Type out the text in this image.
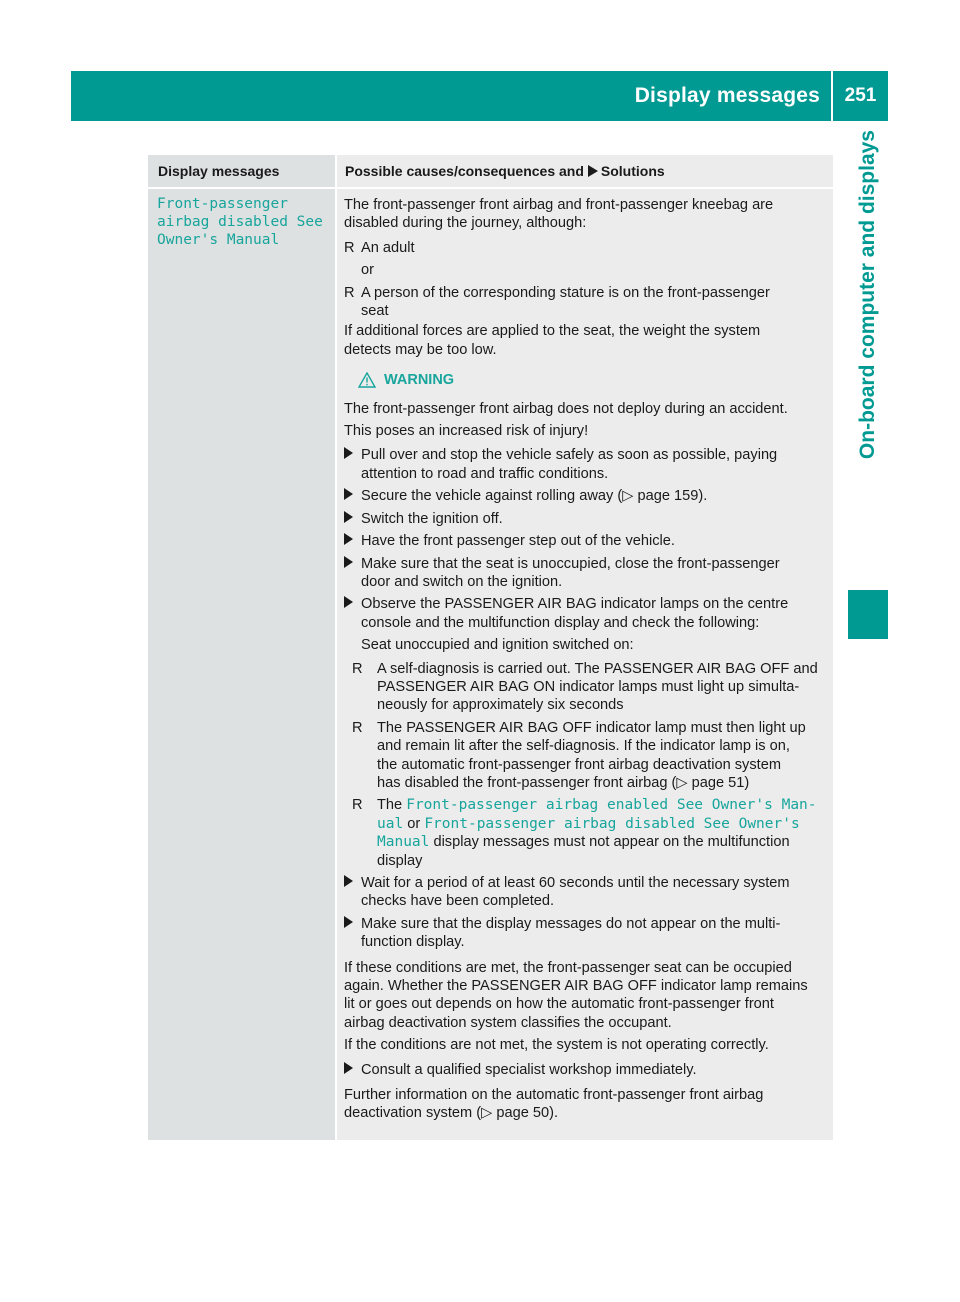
Display messages	251
On-board computer and displays
Display messages	Possible causes/consequences and Solutions
Front-passenger
airbag disabled See
Owner's Manual

The front-passenger front airbag and front-passenger kneebag are
disabled during the journey, although:

R An adult

or

R A person of the corresponding stature is on the front-passenger
seat

If additional forces are applied to the seat, the weight the system
detects may be too low.

WARNING

The front-passenger front airbag does not deploy during an accident.

This poses an increased risk of injury!

Pull over and stop the vehicle safely as soon as possible, paying
attention to road and traffic conditions.

Secure the vehicle against rolling away (▷ page 159).

Switch the ignition off.

Have the front passenger step out of the vehicle.

Make sure that the seat is unoccupied, close the front-passenger
door and switch on the ignition.

Observe the PASSENGER AIR BAG indicator lamps on the centre
console and the multifunction display and check the following:

Seat unoccupied and ignition switched on:

R A self-diagnosis is carried out. The PASSENGER AIR BAG OFF and
PASSENGER AIR BAG ON indicator lamps must light up simulta-
neously for approximately six seconds

R The PASSENGER AIR BAG OFF indicator lamp must then light up
and remain lit after the self-diagnosis. If the indicator lamp is on,
the automatic front-passenger front airbag deactivation system
has disabled the front-passenger front airbag (▷ page 51)

R The Front-passenger airbag enabled See Owner's Man‐
ual or Front-passenger airbag disabled See Owner's
Manual display messages must not appear on the multifunction
display

Wait for a period of at least 60 seconds until the necessary system
checks have been completed.

Make sure that the display messages do not appear on the multi-
function display.

If these conditions are met, the front-passenger seat can be occupied
again. Whether the PASSENGER AIR BAG OFF indicator lamp remains
lit or goes out depends on how the automatic front-passenger front
airbag deactivation system classifies the occupant.

If the conditions are not met, the system is not operating correctly.

Consult a qualified specialist workshop immediately.

Further information on the automatic front-passenger front airbag
deactivation system (▷ page 50).
